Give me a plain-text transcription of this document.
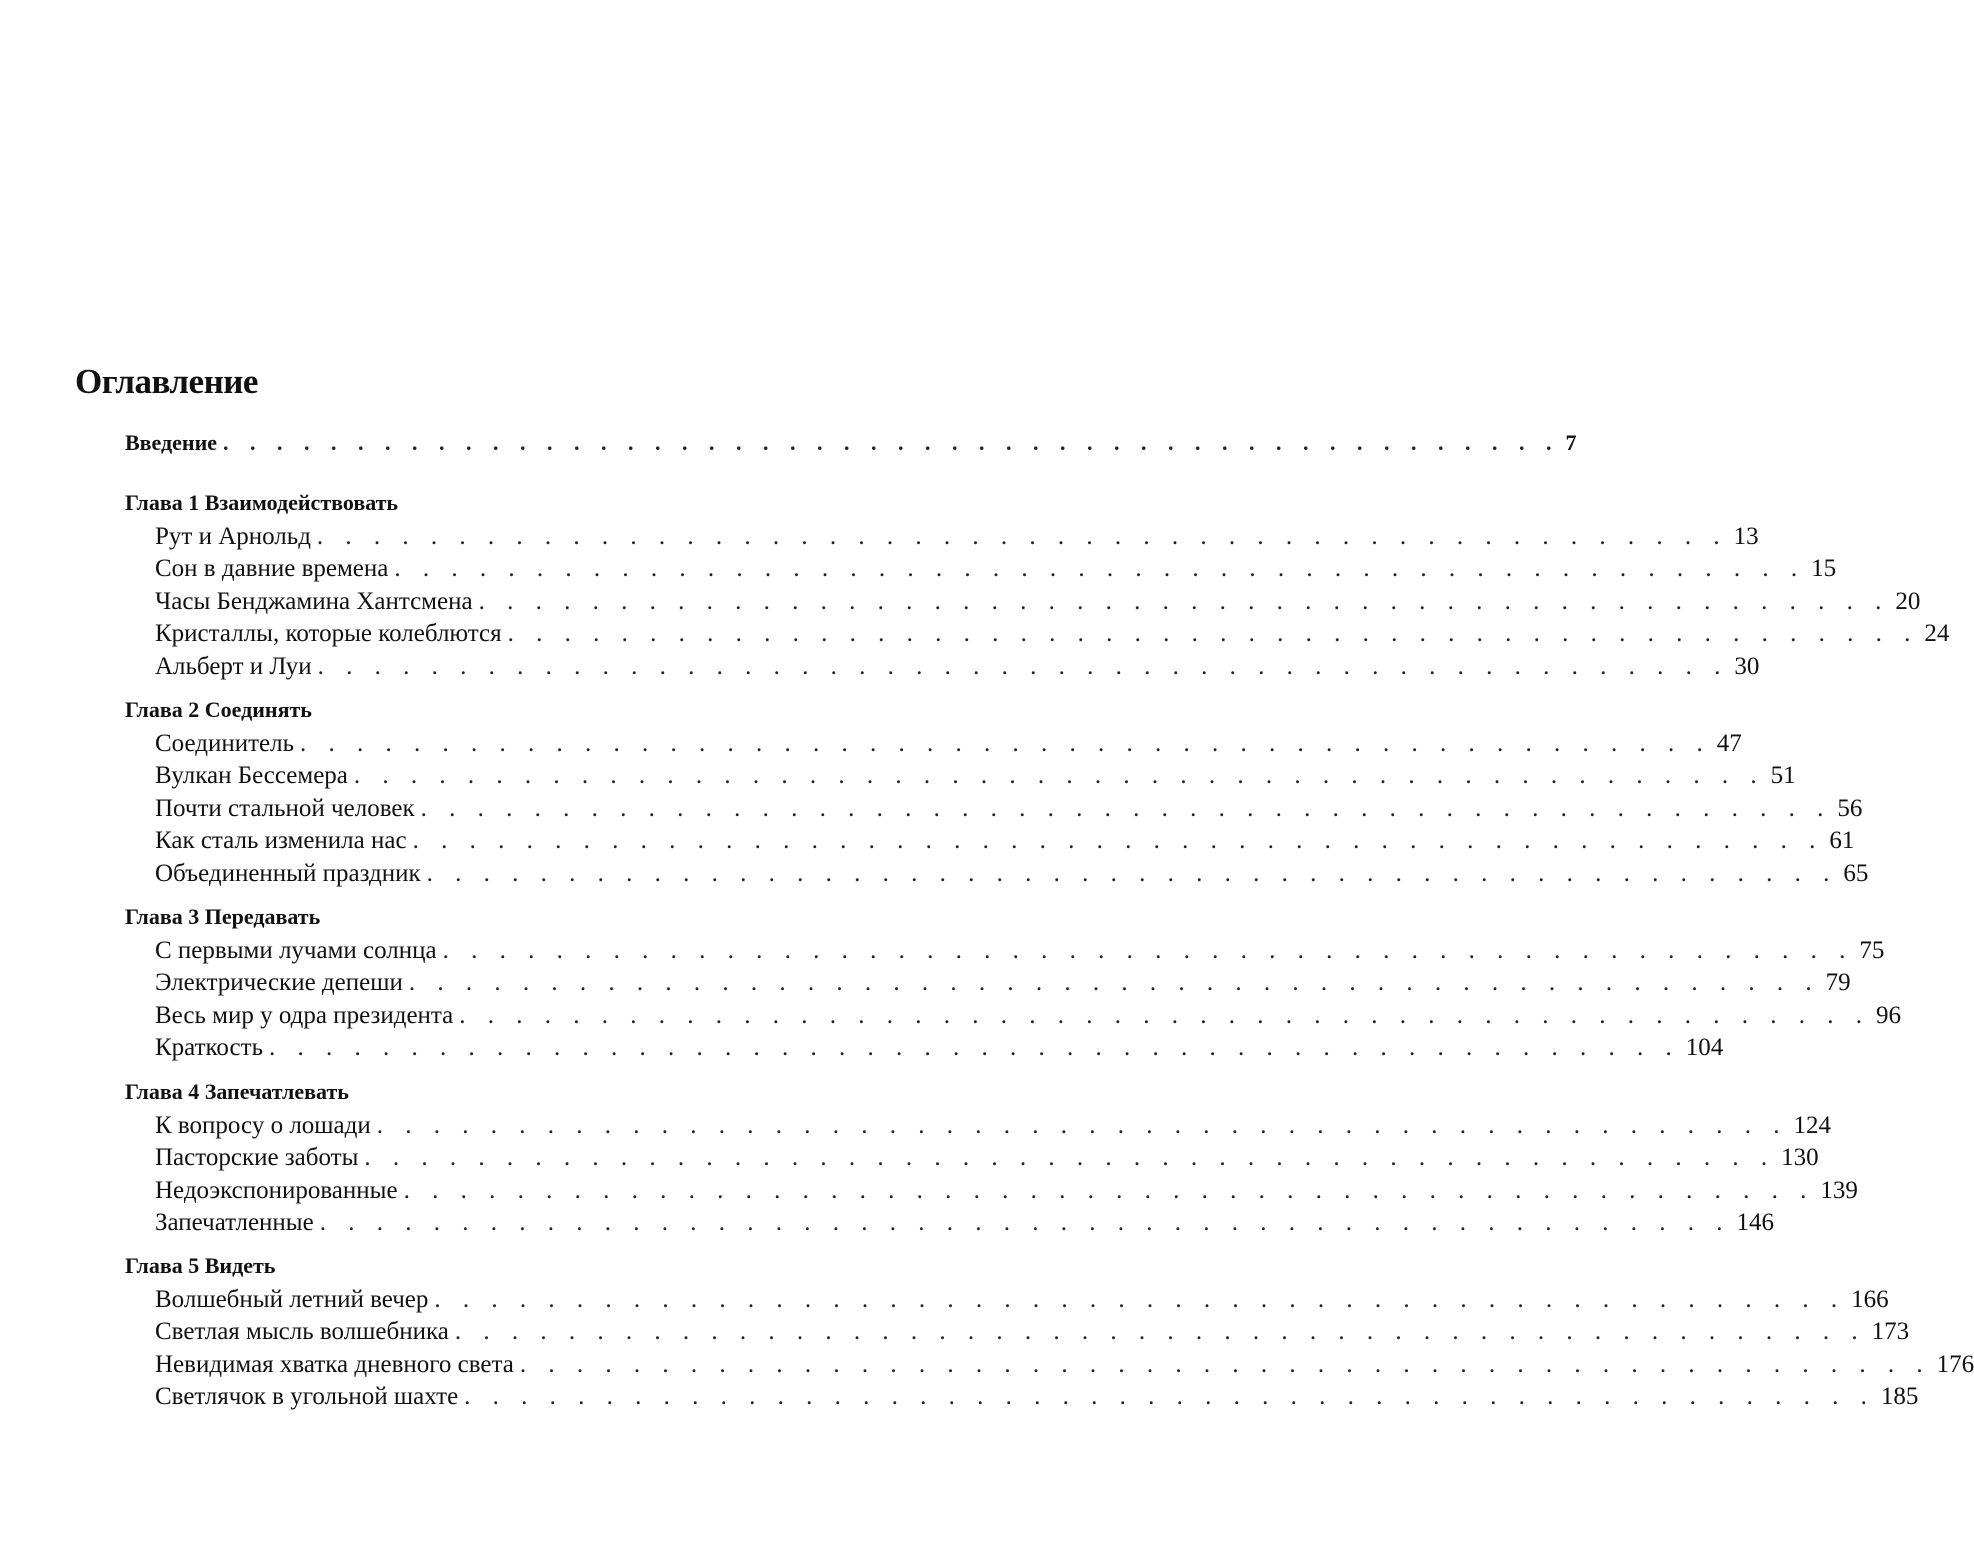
Оглавление
Введение . . . . . . . . . . . . . . . . . . . . . . . . . . . . . . . . . . . . . . . . . . . . . . . . . . 7
Глава 1 Взаимодействовать
Рут и Арнольд . . . . . . . . . . . . . . . . . . . . . . . . . . . . . . . . . . . . . . . . . . . . . . . . . . 13
Сон в давние времена . . . . . . . . . . . . . . . . . . . . . . . . . . . . . . . . . . . . . . . . . . . . . . . . . . 15
Часы Бенджамина Хантсмена . . . . . . . . . . . . . . . . . . . . . . . . . . . . . . . . . . . . . . . . . . . . . . . . . . 20
Кристаллы, которые колеблются . . . . . . . . . . . . . . . . . . . . . . . . . . . . . . . . . . . . . . . . . . . . . . . . . . 24
Альберт и Луи . . . . . . . . . . . . . . . . . . . . . . . . . . . . . . . . . . . . . . . . . . . . . . . . . . 30
Глава 2 Соединять
Соединитель . . . . . . . . . . . . . . . . . . . . . . . . . . . . . . . . . . . . . . . . . . . . . . . . . . 47
Вулкан Бессемера . . . . . . . . . . . . . . . . . . . . . . . . . . . . . . . . . . . . . . . . . . . . . . . . . . 51
Почти стальной человек . . . . . . . . . . . . . . . . . . . . . . . . . . . . . . . . . . . . . . . . . . . . . . . . . . 56
Как сталь изменила нас . . . . . . . . . . . . . . . . . . . . . . . . . . . . . . . . . . . . . . . . . . . . . . . . . . 61
Объединенный праздник . . . . . . . . . . . . . . . . . . . . . . . . . . . . . . . . . . . . . . . . . . . . . . . . . . 65
Глава 3 Передавать
С первыми лучами солнца . . . . . . . . . . . . . . . . . . . . . . . . . . . . . . . . . . . . . . . . . . . . . . . . . . 75
Электрические депеши . . . . . . . . . . . . . . . . . . . . . . . . . . . . . . . . . . . . . . . . . . . . . . . . . . 79
Весь мир у одра президента . . . . . . . . . . . . . . . . . . . . . . . . . . . . . . . . . . . . . . . . . . . . . . . . . . 96
Краткость . . . . . . . . . . . . . . . . . . . . . . . . . . . . . . . . . . . . . . . . . . . . . . . . . . 104
Глава 4 Запечатлевать
К вопросу о лошади . . . . . . . . . . . . . . . . . . . . . . . . . . . . . . . . . . . . . . . . . . . . . . . . . . 124
Пасторские заботы . . . . . . . . . . . . . . . . . . . . . . . . . . . . . . . . . . . . . . . . . . . . . . . . . . 130
Недоэкспонированные . . . . . . . . . . . . . . . . . . . . . . . . . . . . . . . . . . . . . . . . . . . . . . . . . . 139
Запечатленные . . . . . . . . . . . . . . . . . . . . . . . . . . . . . . . . . . . . . . . . . . . . . . . . . . 146
Глава 5 Видеть
Волшебный летний вечер . . . . . . . . . . . . . . . . . . . . . . . . . . . . . . . . . . . . . . . . . . . . . . . . . . 166
Светлая мысль волшебника . . . . . . . . . . . . . . . . . . . . . . . . . . . . . . . . . . . . . . . . . . . . . . . . . . 173
Невидимая хватка дневного света . . . . . . . . . . . . . . . . . . . . . . . . . . . . . . . . . . . . . . . . . . . . . . . . . . 176
Светлячок в угольной шахте . . . . . . . . . . . . . . . . . . . . . . . . . . . . . . . . . . . . . . . . . . . . . . . . . . 185
